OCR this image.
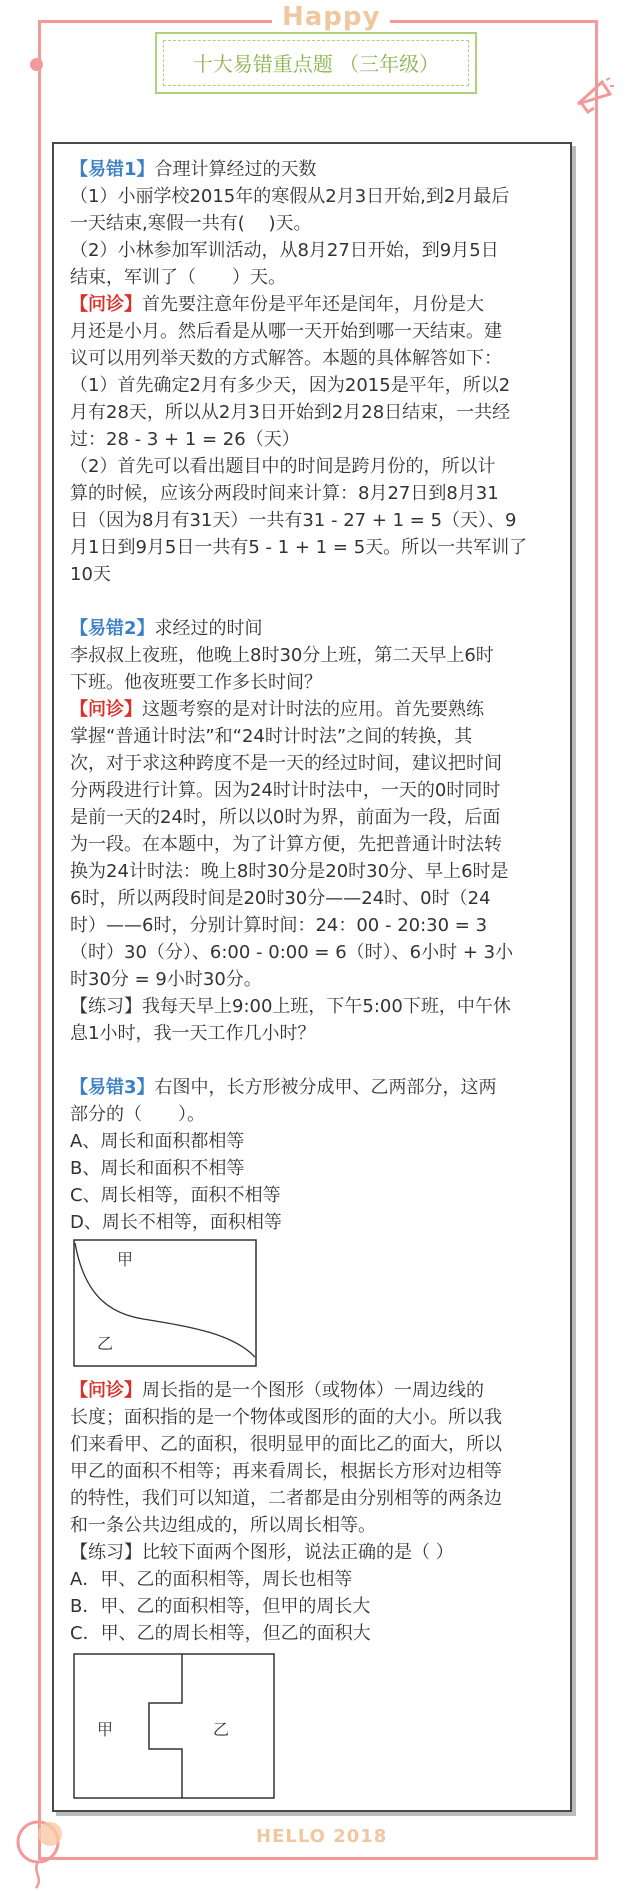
Happy
HELLO 2018
十大易错重点题 （三年级）

【易错1】合理计算经过的天数

（1）小丽学校2015年的寒假从2月3日开始,到2月最后

一天结束,寒假一共有(　 )天。

（2）小林参加军训活动，从8月27日开始，到9月5日

结束，军训了（　　）天。

【问诊】首先要注意年份是平年还是闰年，月份是大

月还是小月。然后看是从哪一天开始到哪一天结束。建

议可以用列举天数的方式解答。本题的具体解答如下：

（1）首先确定2月有多少天，因为2015是平年，所以2

月有28天，所以从2月3日开始到2月28日结束，一共经

过：28 - 3 + 1 = 26（天）

（2）首先可以看出题目中的时间是跨月份的，所以计

算的时候，应该分两段时间来计算：8月27日到8月31

日（因为8月有31天）一共有31 - 27 + 1 = 5（天）、9

月1日到9月5日一共有5 - 1 + 1 = 5天。所以一共军训了

10天

【易错2】求经过的时间

李叔叔上夜班，他晚上8时30分上班，第二天早上6时

下班。他夜班要工作多长时间？

【问诊】这题考察的是对计时法的应用。首先要熟练

掌握“普通计时法”和“24时计时法”之间的转换，其

次，对于求这种跨度不是一天的经过时间，建议把时间

分两段进行计算。因为24时计时法中，一天的0时同时

是前一天的24时，所以以0时为界，前面为一段，后面

为一段。在本题中，为了计算方便，先把普通计时法转

换为24计时法：晚上8时30分是20时30分、早上6时是

6时，所以两段时间是20时30分——24时、0时（24

时）——6时，分别计算时间：24：00 - 20:30 = 3

（时）30（分）、6:00 - 0:00 = 6（时）、6小时 + 3小

时30分 = 9小时30分。

【练习】我每天早上9:00上班，下午5:00下班，中午休

息1小时，我一天工作几小时？

【易错3】右图中，长方形被分成甲、乙两部分，这两

部分的（　　）。

A、周长和面积都相等

B、周长和面积不相等

C、周长相等，面积不相等

D、周长不相等，面积相等

甲
乙

【问诊】周长指的是一个图形（或物体）一周边线的

长度；面积指的是一个物体或图形的面的大小。所以我

们来看甲、乙的面积，很明显甲的面比乙的面大，所以

甲乙的面积不相等；再来看周长，根据长方形对边相等

的特性，我们可以知道，二者都是由分别相等的两条边

和一条公共边组成的，所以周长相等。

【练习】比较下面两个图形，说法正确的是（ ）

A．甲、乙的面积相等，周长也相等

B．甲、乙的面积相等，但甲的周长大

C．甲、乙的周长相等，但乙的面积大

甲	乙
